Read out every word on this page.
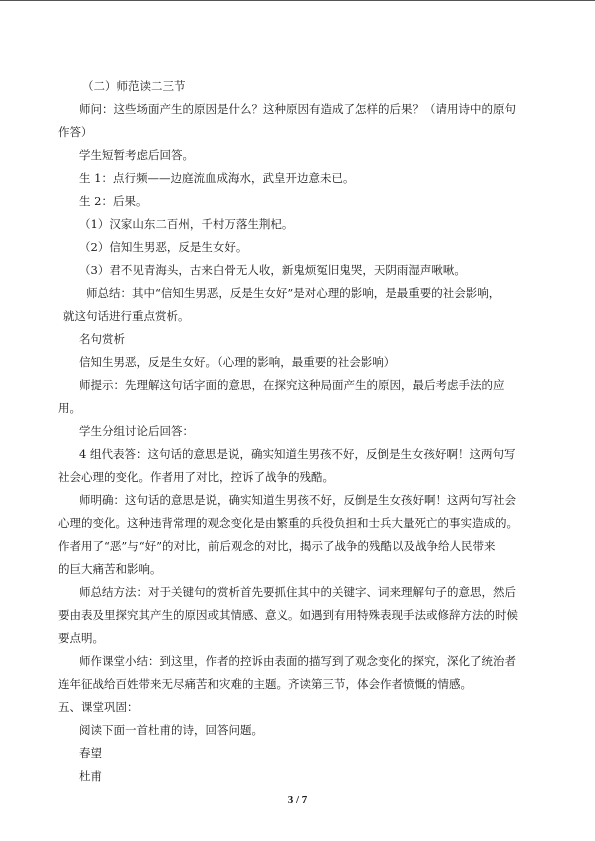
（二）师范读二三节
师问：这些场面产生的原因是什么？这种原因有造成了怎样的后果？（请用诗中的原句
作答）
学生短暂考虑后回答。
生 1：点行频——边庭流血成海水，武皇开边意未已。
生 2：后果。
（1）汉家山东二百州，千村万落生荆杞。
（2）信知生男恶，反是生女好。
（3）君不见青海头，古来白骨无人收，新鬼烦冤旧鬼哭，天阴雨湿声啾啾。
师总结：其中“信知生男恶，反是生女好”是对心理的影响，是最重要的社会影响，
就这句话进行重点赏析。
名句赏析
信知生男恶，反是生女好。（心理的影响，最重要的社会影响）
师提示：先理解这句话字面的意思，在探究这种局面产生的原因，最后考虑手法的应
用。
学生分组讨论后回答：
4 组代表答：这句话的意思是说，确实知道生男孩不好，反倒是生女孩好啊！这两句写
社会心理的变化。作者用了对比，控诉了战争的残酷。
师明确：这句话的意思是说，确实知道生男孩不好，反倒是生女孩好啊！这两句写社会
心理的变化。这种违背常理的观念变化是由繁重的兵役负担和士兵大量死亡的事实造成的。
作者用了“恶”与“好”的对比，前后观念的对比，揭示了战争的残酷以及战争给人民带来
的巨大痛苦和影响。
师总结方法：对于关键句的赏析首先要抓住其中的关键字、词来理解句子的意思，然后
要由表及里探究其产生的原因或其情感、意义。如遇到有用特殊表现手法或修辞方法的时候
要点明。
师作课堂小结：到这里，作者的控诉由表面的描写到了观念变化的探究，深化了统治者
连年征战给百姓带来无尽痛苦和灾难的主题。齐读第三节，体会作者愤慨的情感。
五、课堂巩固：
阅读下面一首杜甫的诗，回答问题。
春望
杜甫
3 / 7
